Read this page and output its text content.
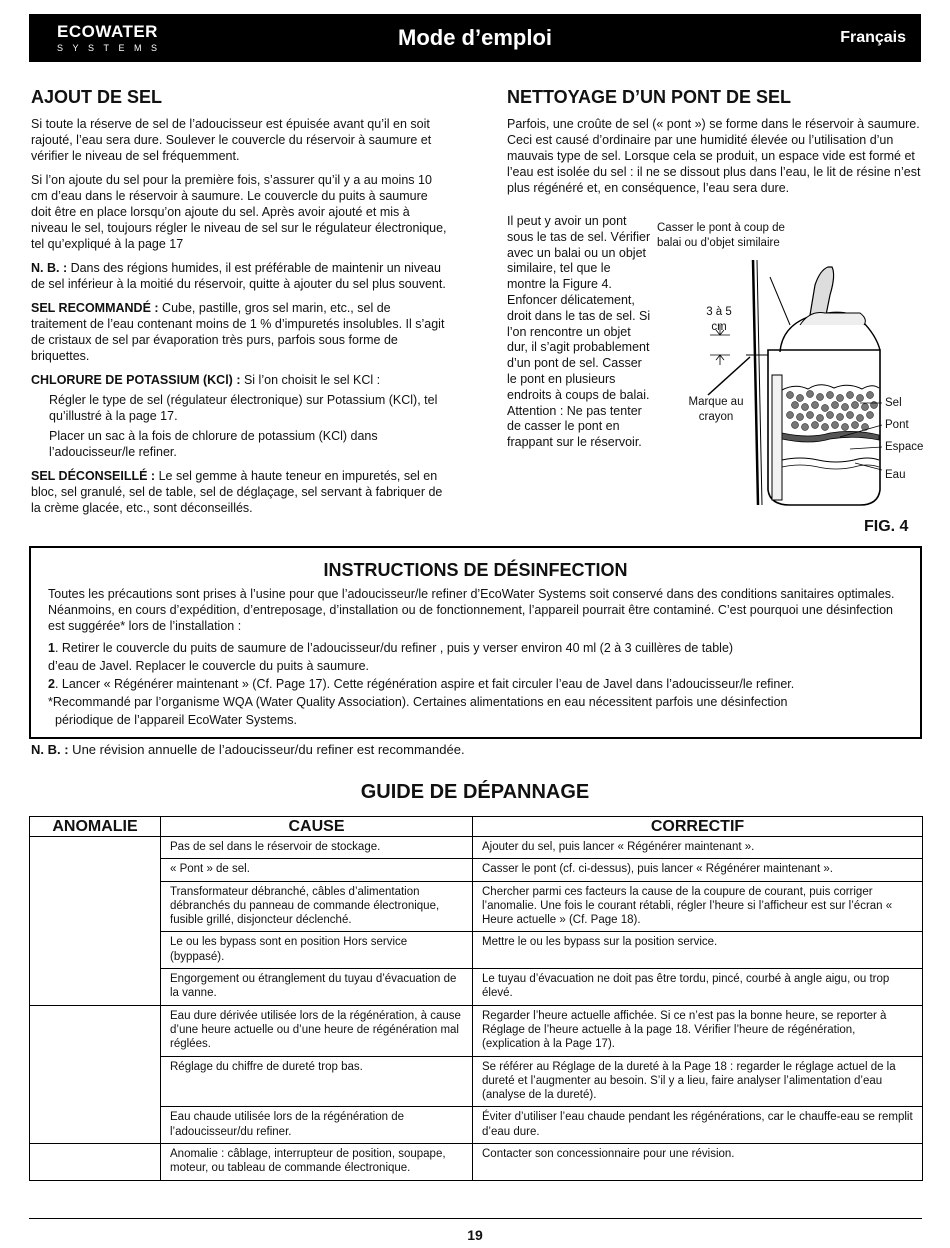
ECOWATER
SYSTEMS	Mode d’emploi	Français
AJOUT DE SEL

Si toute la réserve de sel de l’adoucisseur est épuisée avant qu’il en soit rajouté, l’eau sera dure. Soulever le couvercle du réservoir à saumure et vérifier le niveau de sel fréquemment.

Si l’on ajoute du sel pour la première fois, s’assurer qu’il y a au moins 10 cm d’eau dans le réservoir à saumure. Le couvercle du puits à saumure doit être en place lorsqu’on ajoute du sel. Après avoir ajouté et mis à niveau le sel, toujours régler le niveau de sel sur le régulateur électronique, tel qu’expliqué à la page 17

N. B. : Dans des régions humides, il est préférable de maintenir un niveau de sel inférieur à la moitié du réservoir, quitte à ajouter du sel plus souvent.

SEL RECOMMANDÉ : Cube, pastille, gros sel marin, etc., sel de traitement de l’eau contenant moins de 1 % d’impuretés insolubles. Il s’agit de cristaux de sel par évaporation très purs, parfois sous forme de briquettes.

CHLORURE DE POTASSIUM (KCl) : Si l’on choisit le sel KCl :

Régler le type de sel (régulateur électronique) sur Potassium (KCl), tel qu’illustré à la page 17.

Placer un sac à la fois de chlorure de potassium (KCl) dans l’adoucisseur/le refiner.

SEL DÉCONSEILLÉ : Le sel gemme à haute teneur en impuretés, sel en bloc, sel granulé, sel de table, sel de déglaçage, sel servant à fabriquer de la crème glacée, etc., sont déconseillés.

NETTOYAGE D’UN PONT DE SEL

Parfois, une croûte de sel (« pont ») se forme dans le réservoir à saumure. Ceci est causé d’ordinaire par une humidité élevée ou l’utilisation d’un mauvais type de sel. Lorsque cela se produit, un espace vide est formé et l’eau est isolée du sel : il ne se dissout plus dans l’eau, le lit de résine n’est plus régénéré et, en conséquence, l’eau sera dure.

Il peut y avoir un pont sous le tas de sel. Vérifier avec un balai ou un objet similaire, tel que le montre la Figure 4. Enfoncer délicatement, droit dans le tas de sel. Si l’on rencontre un objet dur, il s’agit probablement d’un pont de sel. Casser le pont en plusieurs endroits à coups de balai. Attention : Ne pas tenter de casser le pont en frappant sur le réservoir.

Casser le pont à coup de balai ou d’objet similaire
3 à 5 cm
Marque au crayon
Sel
Pont
Espace
Eau
FIG. 4
INSTRUCTIONS DE DÉSINFECTION

Toutes les précautions sont prises à l’usine pour que l’adoucisseur/le refiner d’EcoWater Systems soit conservé dans des conditions sanitaires optimales. Néanmoins, en cours d’expédition, d’entreposage, d’installation ou de fonctionnement, l’appareil pourrait être contaminé. C’est pourquoi une désinfection est suggérée* lors de l’installation :

1. Retirer le couvercle du puits de saumure de l’adoucisseur/du refiner , puis y verser environ 40 ml (2 à 3 cuillères de table)

d’eau de Javel. Replacer le couvercle du puits à saumure.

2. Lancer « Régénérer maintenant » (Cf. Page 17). Cette régénération aspire et fait circuler l’eau de Javel dans l’adoucisseur/le refiner.

*Recommandé par l’organisme WQA (Water Quality Association). Certaines alimentations en eau nécessitent parfois une désinfection

périodique de l’appareil EcoWater Systems.

N. B. : Une révision annuelle de l’adoucisseur/du refiner est recommandée.
GUIDE DE DÉPANNAGE
ANOMALIE	CAUSE	CORRECTIF
	Pas de sel dans le réservoir de stockage.	Ajouter du sel, puis lancer « Régénérer maintenant ».
	« Pont » de sel.	Casser le pont (cf. ci-dessus), puis lancer « Régénérer maintenant ».
	Transformateur débranché, câbles d’alimentation débranchés du panneau de commande électronique, fusible grillé, disjoncteur déclenché.	Chercher parmi ces facteurs la cause de la coupure de courant, puis corriger l’anomalie. Une fois le courant rétabli, régler l’heure si l’afficheur est sur l’écran « Heure actuelle » (Cf. Page 18).
	Le ou les bypass sont en position Hors service (byppasé).	Mettre le ou les bypass sur la position service.
	Engorgement ou étranglement du tuyau d’évacuation de la vanne.	Le tuyau d’évacuation ne doit pas être tordu, pincé, courbé à angle aigu, ou trop élevé.
	Eau dure dérivée utilisée lors de la régénération, à cause d’une heure actuelle ou d’une heure de régénération mal réglées.	Regarder l’heure actuelle affichée. Si ce n’est pas la bonne heure, se reporter à Réglage de l’heure actuelle à la page 18. Vérifier l’heure de régénération, (explication à la Page 17).
	Réglage du chiffre de dureté trop bas.	Se référer au Réglage de la dureté à la Page 18 : regarder le réglage actuel de la dureté et l’augmenter au besoin. S’il y a lieu, faire analyser l’alimentation d’eau (analyse de la dureté).
	Eau chaude utilisée lors de la régénération de l’adoucisseur/du refiner.	Éviter d’utiliser l’eau chaude pendant les régénérations, car le chauffe-eau se remplit d’eau dure.
	Anomalie : câblage, interrupteur de position, soupape, moteur, ou tableau de commande électronique.	Contacter son concessionnaire pour une révision.
19
